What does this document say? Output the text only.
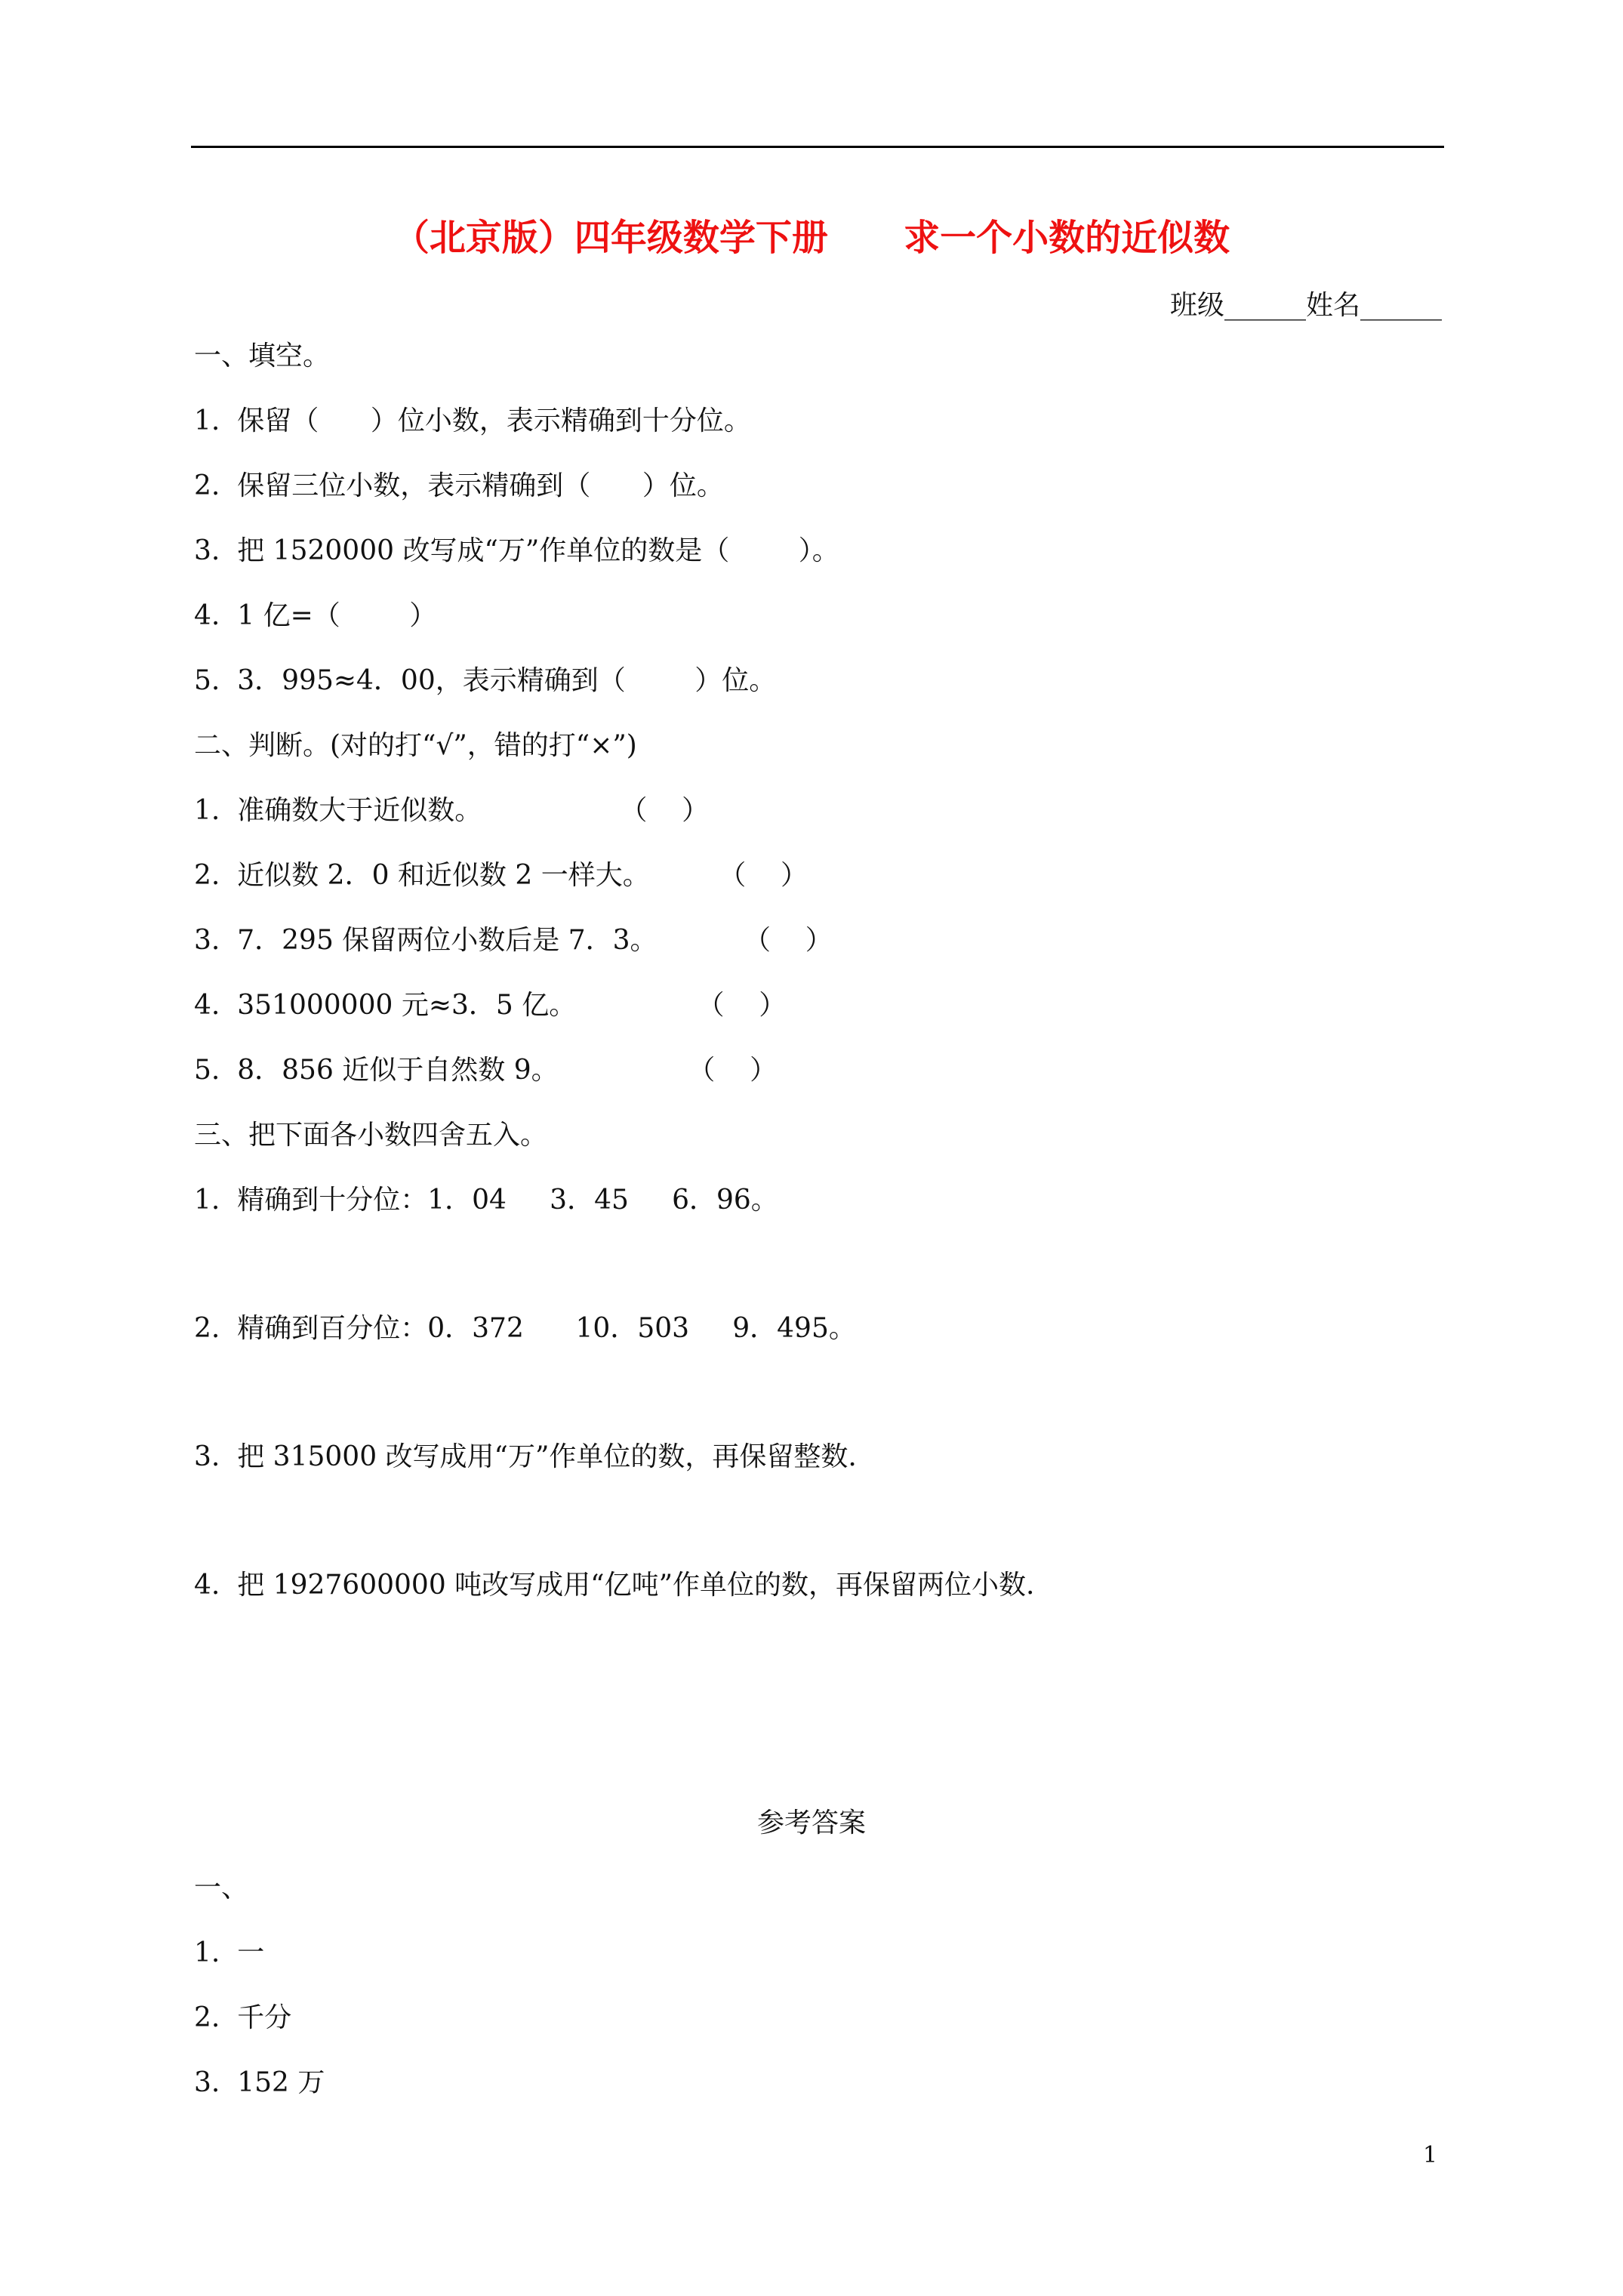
（北京版）四年级数学下册      求一个小数的近似数
班级______姓名______
一、填空。
1.  保留（      ）位小数，表示精确到十分位。
2.  保留三位小数，表示精确到（      ）位。
3.  把 1520000 改写成“万”作单位的数是（        ）。
4.  1 亿=（        ）
5.  3．995≈4．00，表示精确到（        ）位。
二、判断。(对的打“√”，错的打“×”)
1.  准确数大于近似数。                （    ）
2.  近似数 2．0 和近似数 2 一样大。        （    ）
3.  7．295 保留两位小数后是 7．3。          （    ）
4.  351000000 元≈3．5 亿。              （    ）
5.  8．856 近似于自然数 9。               （    ）
三、把下面各小数四舍五入。
1.  精确到十分位：1．04     3．45     6．96。
2.  精确到百分位：0．372      10．503     9．495。
3.  把 315000 改写成用“万”作单位的数，再保留整数.
4.  把 1927600000 吨改写成用“亿吨”作单位的数，再保留两位小数.
参考答案
一、
1.  一
2.  千分
3.  152 万
1
